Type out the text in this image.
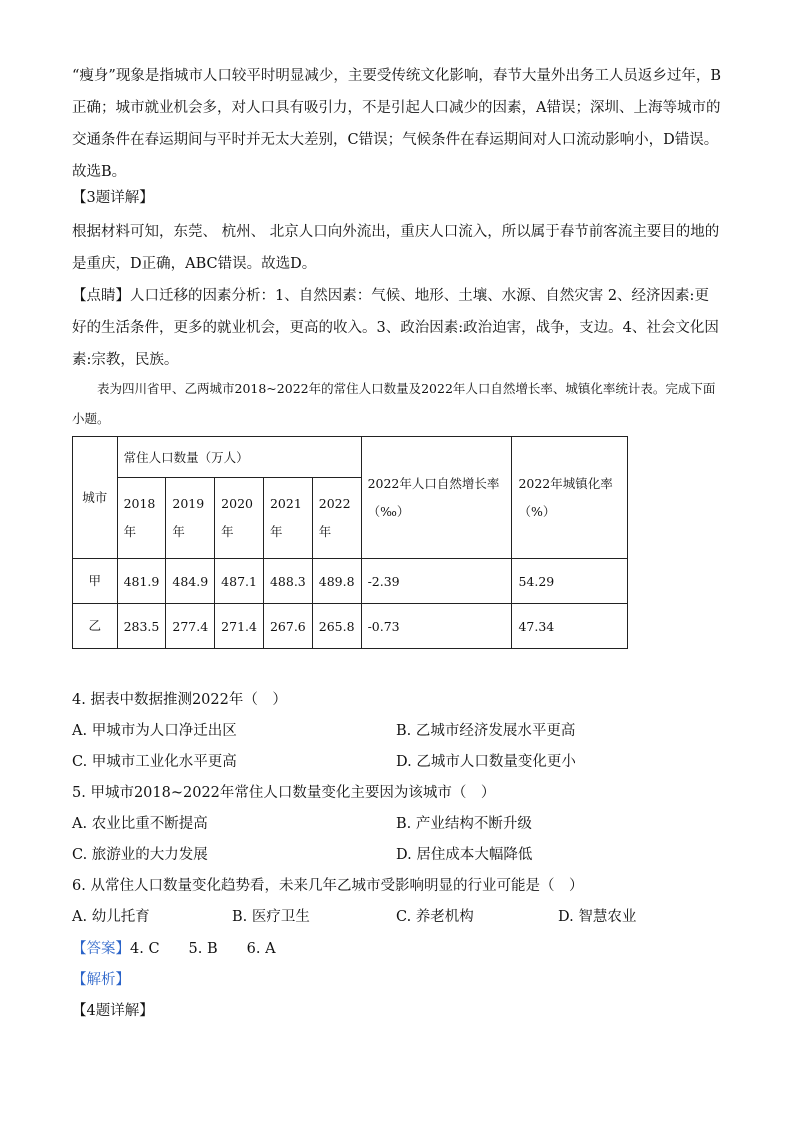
“瘦身”现象是指城市人口较平时明显减少，主要受传统文化影响，春节大量外出务工人员返乡过年，B正确；城市就业机会多，对人口具有吸引力，不是引起人口减少的因素，A错误；深圳、上海等城市的交通条件在春运期间与平时并无太大差别，C错误；气候条件在春运期间对人口流动影响小，D错误。故选B。

【3题详解】

根据材料可知，东莞、 杭州、 北京人口向外流出，重庆人口流入，所以属于春节前客流主要目的地的是重庆，D正确，ABC错误。故选D。

【点睛】人口迁移的因素分析：1、自然因素：气候、地形、土壤、水源、自然灾害 2、经济因素:更好的生活条件，更多的就业机会，更高的收入。3、政治因素:政治迫害，战争，支边。4、社会文化因素:宗教，民族。

表为四川省甲、乙两城市2018~2022年的常住人口数量及2022年人口自然增长率、城镇化率统计表。完成下面小题。

城市	常住人口数量（万人）					2022年人口自然增长率（‰）	2022年城镇化率（%）
	2018年	2019年	2020年	2021年	2022年		
甲	481.9	484.9	487.1	488.3	489.8	-2.39	54.29
乙	283.5	277.4	271.4	267.6	265.8	-0.73	47.34

4. 据表中数据推测2022年（　）

A. 甲城市为人口净迁出区	B. 乙城市经济发展水平更高

C. 甲城市工业化水平更高	D. 乙城市人口数量变化更小

5. 甲城市2018~2022年常住人口数量变化主要因为该城市（　）

A. 农业比重不断提高	B. 产业结构不断升级

C. 旅游业的大力发展	D. 居住成本大幅降低

6. 从常住人口数量变化趋势看，未来几年乙城市受影响明显的行业可能是（　）

A. 幼儿托育	B. 医疗卫生	C. 养老机构	D. 智慧农业

【答案】4. C　　5. B　　6. A

【解析】

【4题详解】
